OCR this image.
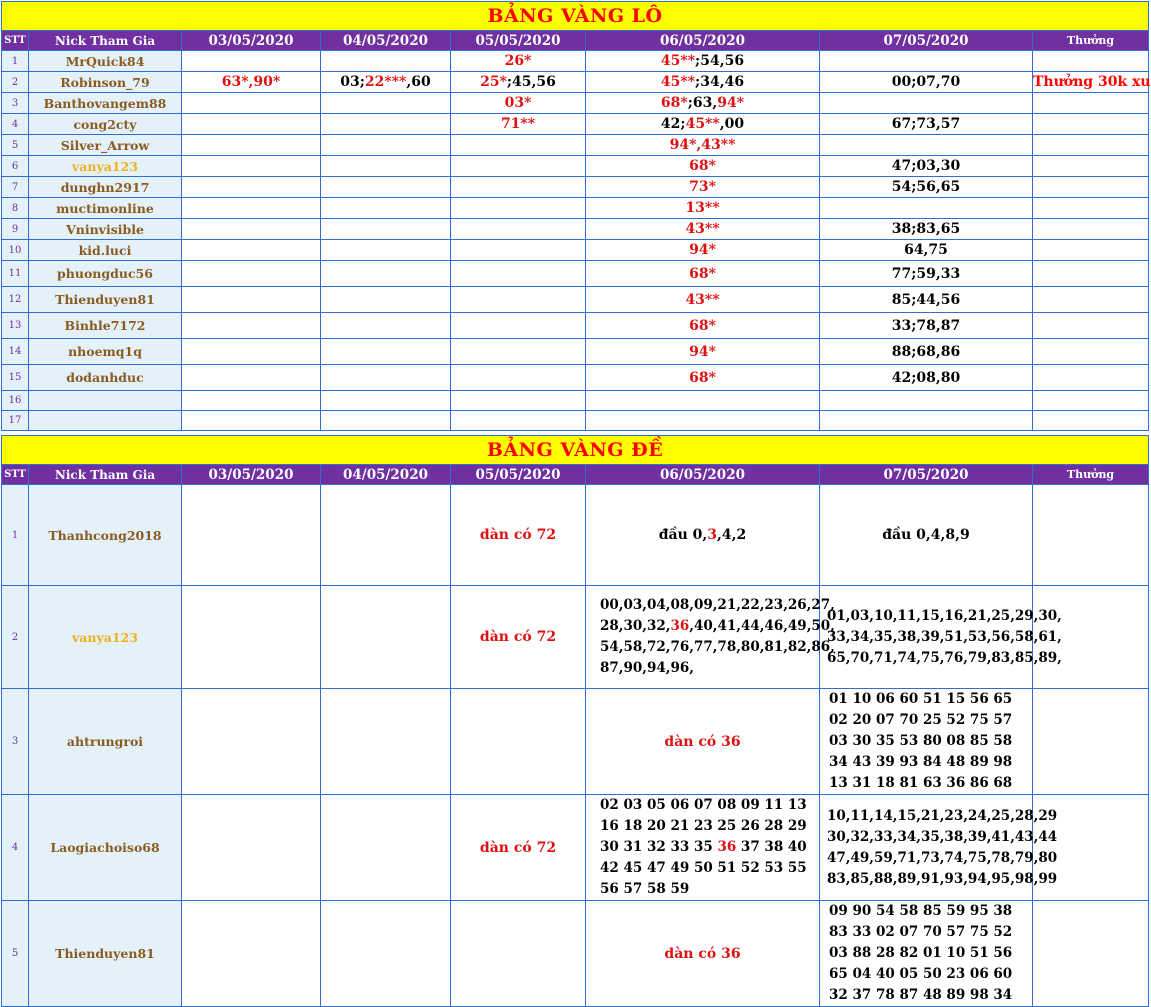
BẢNG VÀNG LÔ							
STT	Nick Tham Gia	03/05/2020	04/05/2020	05/05/2020	06/05/2020	07/05/2020	Thưởng
1	MrQuick84			26*	45**;54,56		
2	Robinson_79	63*,90*	03;22***,60	25*;45,56	45**;34,46	00;07,70	Thưởng 30k xu
3	Banthovangem88			03*	68*;63,94*		
4	cong2cty			71**	42;45**,00	67;73,57	
5	Silver_Arrow				94*,43**		
6	vanya123				68*	47;03,30	
7	dunghn2917				73*	54;56,65	
8	muctimonline				13**		
9	Vninvisible				43**	38;83,65	
10	kid.luci				94*	64,75	
11	phuongduc56				68*	77;59,33	
12	Thienduyen81				43**	85;44,56	
13	Binhle7172				68*	33;78,87	
14	nhoemq1q				94*	88;68,86	
15	dodanhduc				68*	42;08,80	
16							
17							
BẢNG VÀNG ĐỀ							
STT	Nick Tham Gia	03/05/2020	04/05/2020	05/05/2020	06/05/2020	07/05/2020	Thưởng
1	Thanhcong2018			dàn có 72	đầu 0,3,4,2	đầu 0,4,8,9	
2	vanya123			dàn có 72	00,03,04,08,09,21,22,23,26,27, 28,30,32,36,40,41,44,46,49,50, 54,58,72,76,77,78,80,81,82,86, 87,90,94,96,	01,03,10,11,15,16,21,25,29,30, 33,34,35,38,39,51,53,56,58,61, 65,70,71,74,75,76,79,83,85,89,	
3	ahtrungroi				dàn có 36	01 10 06 60 51 15 56 65 02 20 07 70 25 52 75 57 03 30 35 53 80 08 85 58 34 43 39 93 84 48 89 98 13 31 18 81 63 36 86 68	
4	Laogiachoiso68			dàn có 72	02 03 05 06 07 08 09 11 13 16 18 20 21 23 25 26 28 29 30 31 32 33 35 36 37 38 40 42 45 47 49 50 51 52 53 55 56 57 58 59	10,11,14,15,21,23,24,25,28,29 30,32,33,34,35,38,39,41,43,44 47,49,59,71,73,74,75,78,79,80 83,85,88,89,91,93,94,95,98,99	
5	Thienduyen81				dàn có 36	09 90 54 58 85 59 95 38 83 33 02 07 70 57 75 52 03 88 28 82 01 10 51 56 65 04 40 05 50 23 06 60 32 37 78 87 48 89 98 34	
